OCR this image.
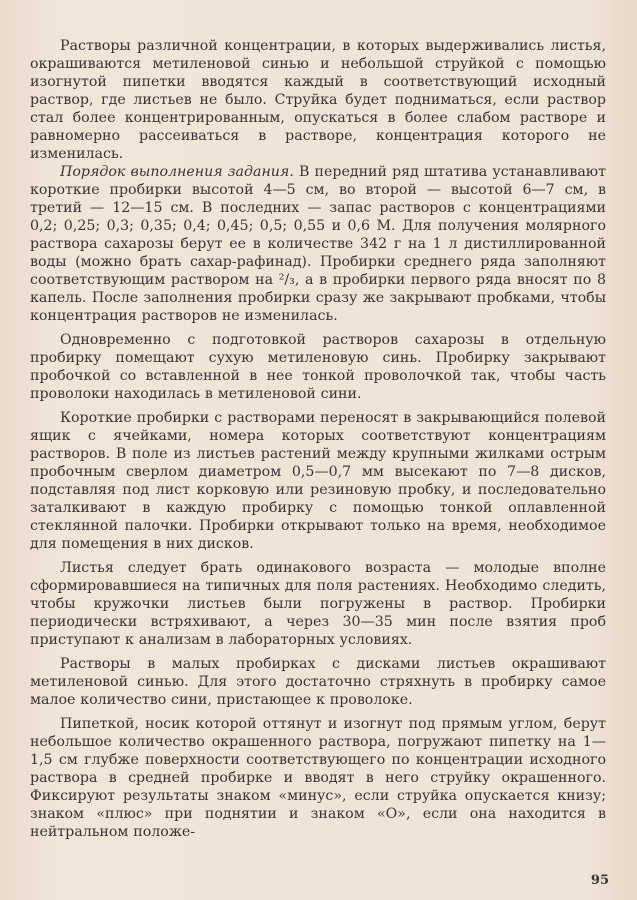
Растворы различной концентрации, в которых выдерживались листья, окрашиваются метиленовой синью и небольшой струйкой с помощью изогнутой пипетки вводятся каждый в соответствующий исходный раствор, где листьев не было. Струйка будет подниматься, если раствор стал более концентрированным, опускаться в более слабом растворе и равномерно рассеиваться в растворе, концентрация которого не изменилась.

Порядок выполнения задания. В передний ряд штатива устанавливают короткие пробирки высотой 4—5 см, во второй — высотой 6—7 см, в третий — 12—15 см. В последних — запас растворов с концентрациями 0,2; 0,25; 0,3; 0,35; 0,4; 0,45; 0,5; 0,55 и 0,6 М. Для получения молярного раствора сахарозы берут ее в количестве 342 г на 1 л дистиллированной воды (можно брать сахар-рафинад). Пробирки среднего ряда заполняют соответствующим раствором на ²/₃, а в пробирки первого ряда вносят по 8 капель. После заполнения пробирки сразу же закрывают пробками, чтобы концентрация растворов не изменилась.

Одновременно с подготовкой растворов сахарозы в отдельную пробирку помещают сухую метиленовую синь. Пробирку закрывают пробочкой со вставленной в нее тонкой проволочкой так, чтобы часть проволоки находилась в метиленовой сини.

Короткие пробирки с растворами переносят в закрывающийся полевой ящик с ячейками, номера которых соответствуют концентрациям растворов. В поле из листьев растений между крупными жилками острым пробочным сверлом диаметром 0,5—0,7 мм высекают по 7—8 дисков, подставляя под лист корковую или резиновую пробку, и последовательно заталкивают в каждую пробирку с помощью тонкой оплавленной стеклянной палочки. Пробирки открывают только на время, необходимое для помещения в них дисков.

Листья следует брать одинакового возраста — молодые вполне сформировавшиеся на типичных для поля растениях. Необходимо следить, чтобы кружочки листьев были погружены в раствор. Пробирки периодически встряхивают, а через 30—35 мин после взятия проб приступают к анализам в лабораторных условиях.

Растворы в малых пробирках с дисками листьев окрашивают метиленовой синью. Для этого достаточно стряхнуть в пробирку самое малое количество сини, пристающее к проволоке.

Пипеткой, носик которой оттянут и изогнут под прямым углом, берут небольшое количество окрашенного раствора, погружают пипетку на 1—1,5 см глубже поверхности соответствующего по концентрации исходного раствора в средней пробирке и вводят в него струйку окрашенного. Фиксируют результаты знаком «минус», если струйка опускается книзу; знаком «плюс» при поднятии и знаком «О», если она находится в нейтральном положе-

95
